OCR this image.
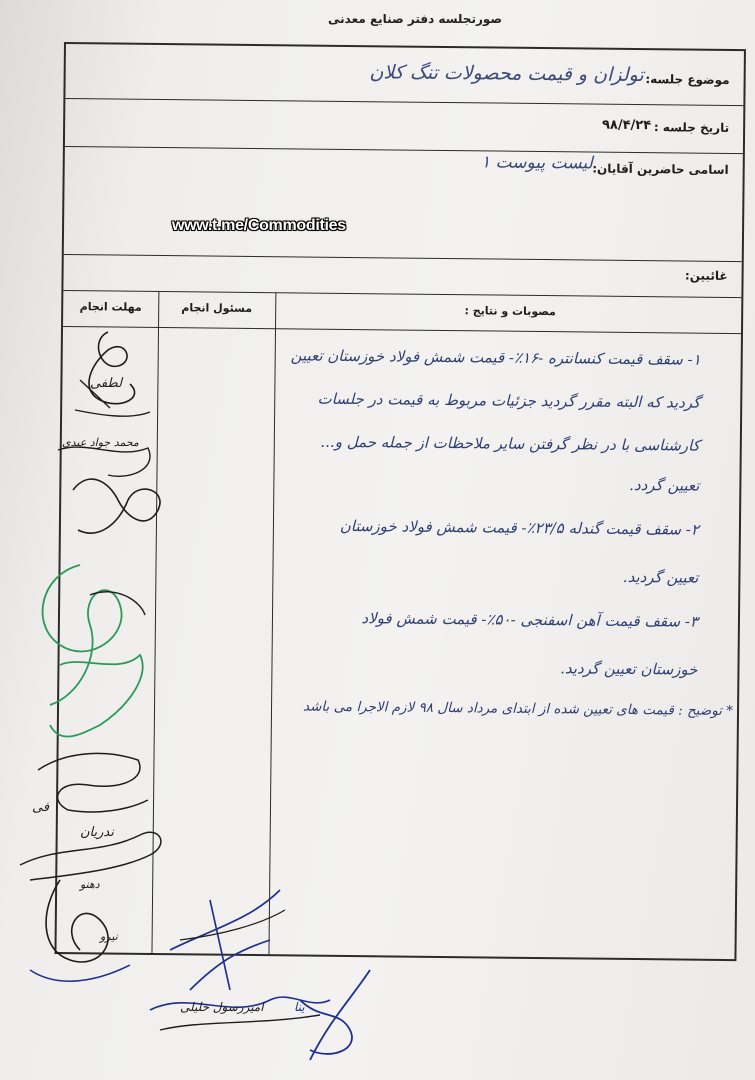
صورتجلسه دفتر صنایع معدنی
موضوع جلسه:
تولزان و قیمت محصولات تنگ کلان
تاریخ جلسه :
۹۸/۴/۲۴
اسامی حاضرین آقایان:
لیست پیوست ۱
غائبین:
مصوبات و نتایج :
مسئول انجام
مهلت انجام
۱- سقف قیمت کنسانتره -۱۶٪- قیمت شمش فولاد خوزستان تعیین
گردید که البته مقرر گردید جزئیات مربوط به قیمت در جلسات
کارشناسی با در نظر گرفتن سایر ملاحظات از جمله حمل و...
تعیین گردد.
۲- سقف قیمت گندله ۲۳/۵٪- قیمت شمش فولاد خوزستان
تعیین گردید.
۳- سقف قیمت آهن اسفنجی -۵۰٪- قیمت شمش فولاد
خوزستان تعیین گردید.
* توضیح : قیمت های تعیین شده از ابتدای مرداد سال ۹۸ لازم الاجرا می باشد
www.t.me/Commodities
لطفی
محمد جواد عبدی
فی
ندریان
دهنو
نیرو
امیررسول خلیلی	ینا
